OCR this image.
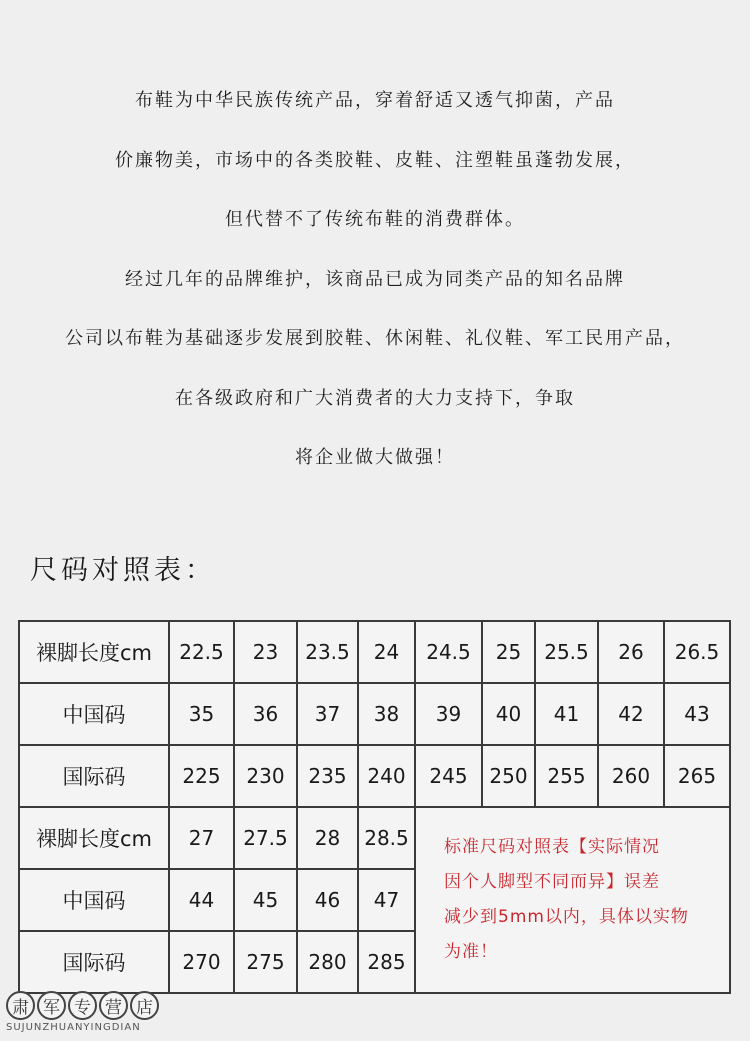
布鞋为中华民族传统产品，穿着舒适又透气抑菌，产品

价廉物美，市场中的各类胶鞋、皮鞋、注塑鞋虽蓬勃发展，

但代替不了传统布鞋的消费群体。

经过几年的品牌维护，该商品已成为同类产品的知名品牌

公司以布鞋为基础逐步发展到胶鞋、休闲鞋、礼仪鞋、军工民用产品，

在各级政府和广大消费者的大力支持下，争取

将企业做大做强！

尺码对照表：
裸脚长度cm	22.5	23	23.5	24	24.5	25	25.5	26	26.5
中国码	35	36	37	38	39	40	41	42	43
国际码	225	230	235	240	245	250	255	260	265
裸脚长度cm	27	27.5	28	28.5	标准尺码对照表【实际情况
因个人脚型不同而异】误差
减少到5mm以内，具体以实物
为准！				

中国码	44	45	46	47					
国际码	270	275	280	285					
肃 军 专 营 店
SUJUNZHUANYINGDIAN
